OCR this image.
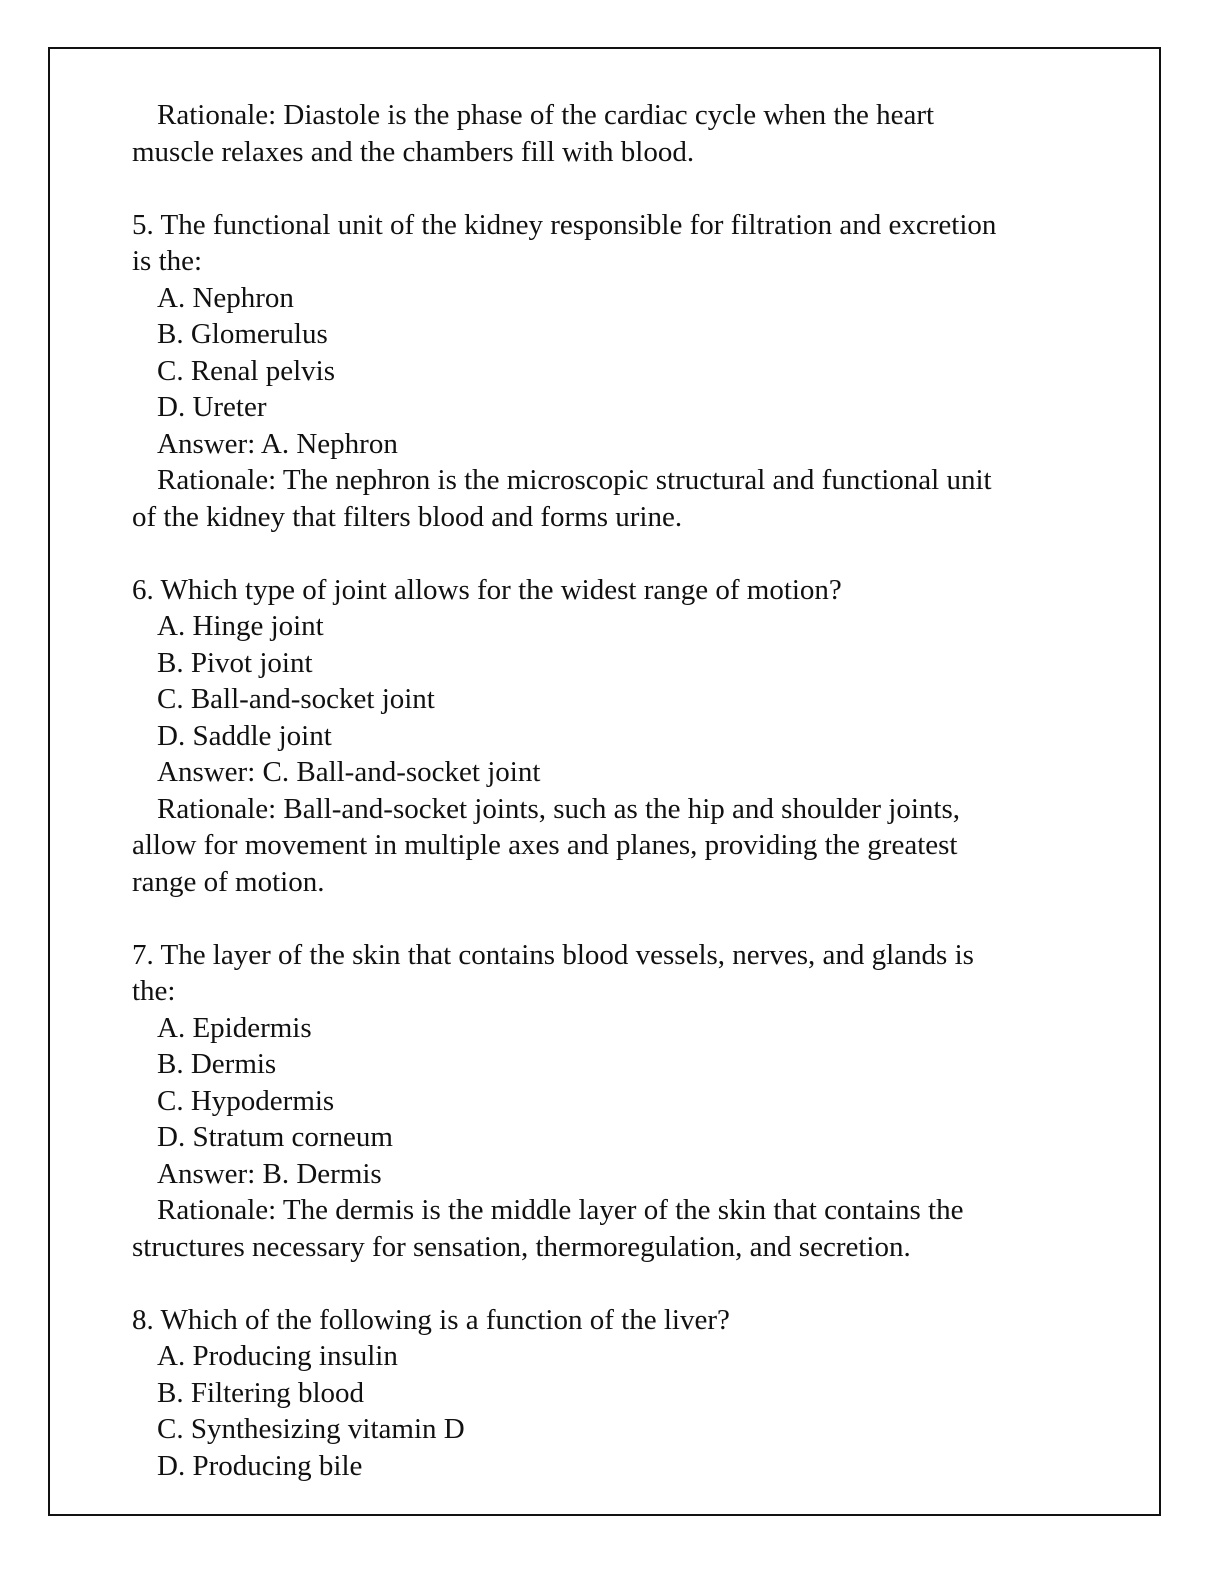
Rationale: Diastole is the phase of the cardiac cycle when the heart
muscle relaxes and the chambers fill with blood.
5. The functional unit of the kidney responsible for filtration and excretion
is the:
A. Nephron
B. Glomerulus
C. Renal pelvis
D. Ureter
Answer: A. Nephron
Rationale: The nephron is the microscopic structural and functional unit
of the kidney that filters blood and forms urine.
6. Which type of joint allows for the widest range of motion?
A. Hinge joint
B. Pivot joint
C. Ball-and-socket joint
D. Saddle joint
Answer: C. Ball-and-socket joint
Rationale: Ball-and-socket joints, such as the hip and shoulder joints,
allow for movement in multiple axes and planes, providing the greatest
range of motion.
7. The layer of the skin that contains blood vessels, nerves, and glands is
the:
A. Epidermis
B. Dermis
C. Hypodermis
D. Stratum corneum
Answer: B. Dermis
Rationale: The dermis is the middle layer of the skin that contains the
structures necessary for sensation, thermoregulation, and secretion.
8. Which of the following is a function of the liver?
A. Producing insulin
B. Filtering blood
C. Synthesizing vitamin D
D. Producing bile
